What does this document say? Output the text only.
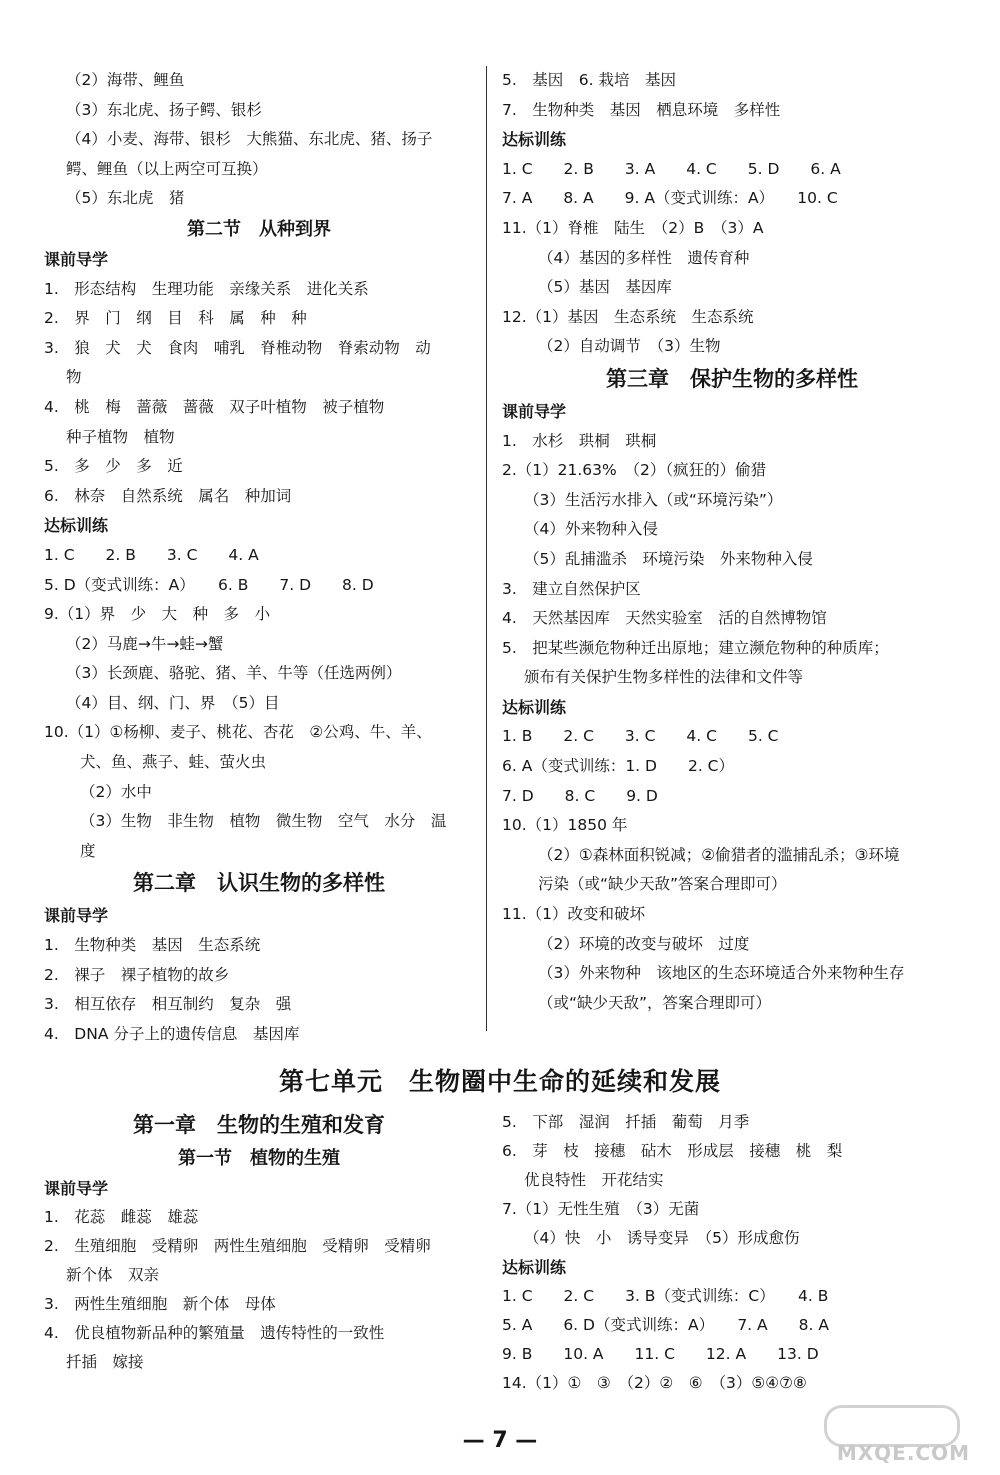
（2）海带、鲤鱼
（3）东北虎、扬子鳄、银杉
（4）小麦、海带、银杉　大熊猫、东北虎、猪、扬子
鳄、鲤鱼（以上两空可互换）
（5）东北虎　猪
第二节　从种到界
课前导学
1.　形态结构　生理功能　亲缘关系　进化关系
2.　界　门　纲　目　科　属　种　种
3.　狼　犬　犬　食肉　哺乳　脊椎动物　脊索动物　动
物
4.　桃　梅　蔷薇　蔷薇　双子叶植物　被子植物
种子植物　植物
5.　多　少　多　近
6.　林奈　自然系统　属名　种加词
达标训练
1. C　　2. B　　3. C　　4. A
5. D（变式训练：A）　　6. B　　7. D　　8. D
9.（1）界　少　大　种　多　小
（2）马鹿→牛→蛙→蟹
（3）长颈鹿、骆驼、猪、羊、牛等（任选两例）
（4）目、纲、门、界　（5）目
10.（1）①杨柳、麦子、桃花、杏花　②公鸡、牛、羊、
犬、鱼、燕子、蛙、萤火虫
（2）水中
（3）生物　非生物　植物　微生物　空气　水分　温
度
第二章　认识生物的多样性
课前导学
1.　生物种类　基因　生态系统
2.　裸子　裸子植物的故乡
3.　相互依存　相互制约　复杂　强
4.　DNA 分子上的遗传信息　基因库
5.　基因　6. 栽培　基因
7.　生物种类　基因　栖息环境　多样性
达标训练
1. C　　2. B　　3. A　　4. C　　5. D　　6. A
7. A　　8. A　　9. A（变式训练：A）　　10. C
11.（1）脊椎　陆生　（2）B　（3）A
（4）基因的多样性　遗传育种
（5）基因　基因库
12.（1）基因　生态系统　生态系统
（2）自动调节　（3）生物
第三章　保护生物的多样性
课前导学
1.　水杉　珙桐　珙桐
2.（1）21.63%　（2）（疯狂的）偷猎
（3）生活污水排入（或“环境污染”）
（4）外来物种入侵
（5）乱捕滥杀　环境污染　外来物种入侵
3.　建立自然保护区
4.　天然基因库　天然实验室　活的自然博物馆
5.　把某些濒危物种迁出原地；建立濒危物种的种质库；
颁布有关保护生物多样性的法律和文件等
达标训练
1. B　　2. C　　3. C　　4. C　　5. C
6. A（变式训练：1. D　　2. C）
7. D　　8. C　　9. D
10.（1）1850 年
（2）①森林面积锐减；②偷猎者的滥捕乱杀；③环境
污染（或“缺少天敌”答案合理即可）
11.（1）改变和破坏
（2）环境的改变与破坏　过度
（3）外来物种　该地区的生态环境适合外来物种生存
（或“缺少天敌”，答案合理即可）
第七单元　生物圈中生命的延续和发展
第一章　生物的生殖和发育
第一节　植物的生殖
课前导学
1.　花蕊　雌蕊　雄蕊
2.　生殖细胞　受精卵　两性生殖细胞　受精卵　受精卵
新个体　双亲
3.　两性生殖细胞　新个体　母体
4.　优良植物新品种的繁殖量　遗传特性的一致性
扦插　嫁接
5.　下部　湿润　扦插　葡萄　月季
6.　芽　枝　接穗　砧木　形成层　接穗　桃　梨
优良特性　开花结实
7.（1）无性生殖　（3）无菌
（4）快　小　诱导变异　（5）形成愈伤
达标训练
1. C　　2. C　　3. B（变式训练：C）　　4. B
5. A　　6. D（变式训练：A）　　7. A　　8. A
9. B　　10. A　　11. C　　12. A　　13. D
14.（1）①　③　（2）②　⑥　（3）⑤④⑦⑧
— 7 —	MXQE.COM
